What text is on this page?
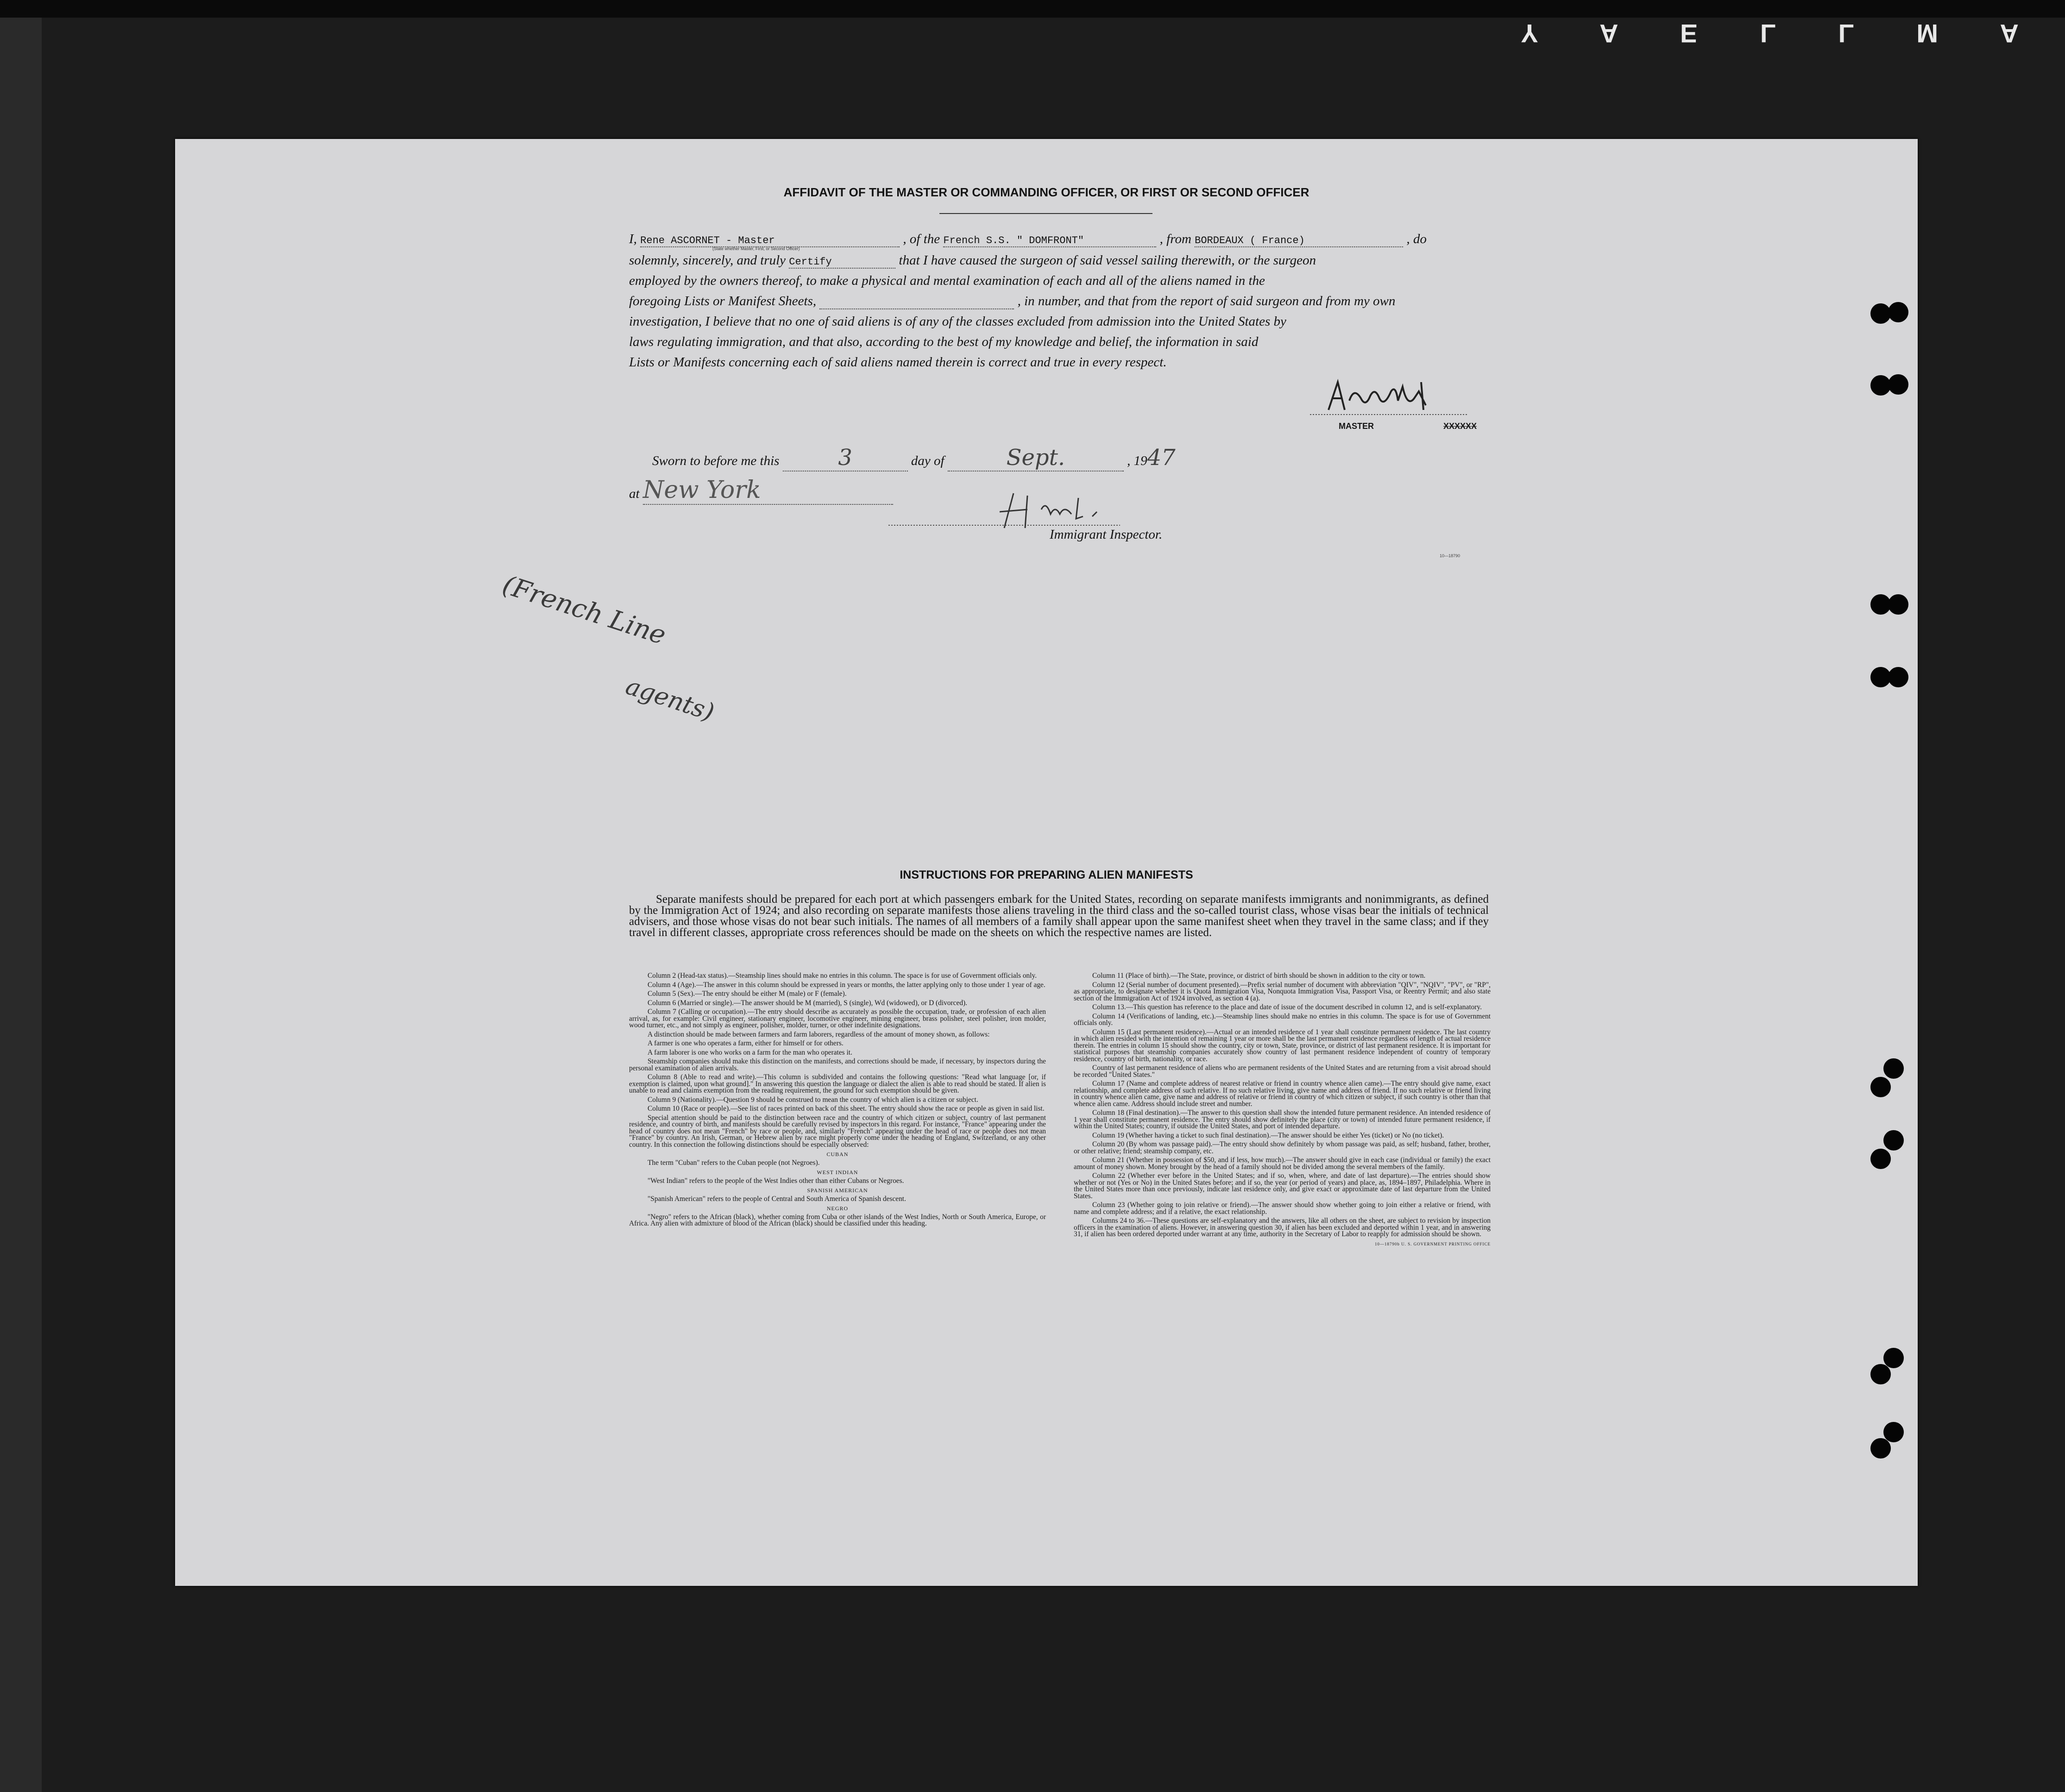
Y A E L L M A
AFFIDAVIT OF THE MASTER OR COMMANDING OFFICER, OR FIRST OR SECOND OFFICER
I, Rene ASCORNET - Master	, of the French S.S. " DOMFRONT"	, from BORDEAUX ( France)	, do
(State whether Master, First, or Second Officer)
solemnly, sincerely, and truly Certify	that I have caused the surgeon of said vessel sailing therewith, or the surgeon
employed by the owners thereof, to make a physical and mental examination of each and all of the aliens named in the
foregoing Lists or Manifest Sheets,	, in number, and that from the report of said surgeon and from my own
investigation, I believe that no one of said aliens is of any of the classes excluded from admission into the United States by
laws regulating immigration, and that also, according to the best of my knowledge and belief, the information in said
Lists or Manifests concerning each of said aliens named therein is correct and true in every respect.
MASTER	XXXXXX
Sworn to before me this	3	day of	Sept.	, 1947
at New York
Immigrant Inspector.
10—18790
(French Line
agents)
INSTRUCTIONS FOR PREPARING ALIEN MANIFESTS
Separate manifests should be prepared for each port at which passengers embark for the United States, recording on separate manifests immigrants and nonimmigrants, as defined by the Immigration Act of 1924; and also recording on separate manifests those aliens traveling in the third class and the so-called tourist class, whose visas bear the initials of technical advisers, and those whose visas do not bear such initials. The names of all members of a family shall appear upon the same manifest sheet when they travel in the same class; and if they travel in different classes, appropriate cross references should be made on the sheets on which the respective names are listed.

Column 2 (Head-tax status).—Steamship lines should make no entries in this column. The space is for use of Government officials only.

Column 4 (Age).—The answer in this column should be expressed in years or months, the latter applying only to those under 1 year of age.

Column 5 (Sex).—The entry should be either M (male) or F (female).

Column 6 (Married or single).—The answer should be M (married), S (single), Wd (widowed), or D (divorced).

Column 7 (Calling or occupation).—The entry should describe as accurately as possible the occupation, trade, or profession of each alien arrival, as, for example: Civil engineer, stationary engineer, locomotive engineer, mining engineer, brass polisher, steel polisher, iron molder, wood turner, etc., and not simply as engineer, polisher, molder, turner, or other indefinite designations.

A distinction should be made between farmers and farm laborers, regardless of the amount of money shown, as follows:

A farmer is one who operates a farm, either for himself or for others.

A farm laborer is one who works on a farm for the man who operates it.

Steamship companies should make this distinction on the manifests, and corrections should be made, if necessary, by inspectors during the personal examination of alien arrivals.

Column 8 (Able to read and write).—This column is subdivided and contains the following questions: "Read what language [or, if exemption is claimed, upon what ground]." In answering this question the language or dialect the alien is able to read should be stated. If alien is unable to read and claims exemption from the reading requirement, the ground for such exemption should be given.

Column 9 (Nationality).—Question 9 should be construed to mean the country of which alien is a citizen or subject.

Column 10 (Race or people).—See list of races printed on back of this sheet. The entry should show the race or people as given in said list.

Special attention should be paid to the distinction between race and the country of which citizen or subject, country of last permanent residence, and country of birth, and manifests should be carefully revised by inspectors in this regard. For instance, "France" appearing under the head of country does not mean "French" by race or people, and, similarly "French" appearing under the head of race or people does not mean "France" by country. An Irish, German, or Hebrew alien by race might properly come under the heading of England, Switzerland, or any other country. In this connection the following distinctions should be especially observed:

CUBAN

The term "Cuban" refers to the Cuban people (not Negroes).

WEST INDIAN

"West Indian" refers to the people of the West Indies other than either Cubans or Negroes.

SPANISH AMERICAN

"Spanish American" refers to the people of Central and South America of Spanish descent.

NEGRO

"Negro" refers to the African (black), whether coming from Cuba or other islands of the West Indies, North or South America, Europe, or Africa. Any alien with admixture of blood of the African (black) should be classified under this heading.

Column 11 (Place of birth).—The State, province, or district of birth should be shown in addition to the city or town.

Column 12 (Serial number of document presented).—Prefix serial number of document with abbreviation "QIV", "NQIV", "PV", or "RP", as appropriate, to designate whether it is Quota Immigration Visa, Nonquota Immigration Visa, Passport Visa, or Reentry Permit; and also state section of the Immigration Act of 1924 involved, as section 4 (a).

Column 13.—This question has reference to the place and date of issue of the document described in column 12, and is self-explanatory.

Column 14 (Verifications of landing, etc.).—Steamship lines should make no entries in this column. The space is for use of Government officials only.

Column 15 (Last permanent residence).—Actual or an intended residence of 1 year shall constitute permanent residence. The last country in which alien resided with the intention of remaining 1 year or more shall be the last permanent residence regardless of length of actual residence therein. The entries in column 15 should show the country, city or town, State, province, or district of last permanent residence. It is important for statistical purposes that steamship companies accurately show country of last permanent residence independent of country of temporary residence, country of birth, nationality, or race.

Country of last permanent residence of aliens who are permanent residents of the United States and are returning from a visit abroad should be recorded "United States."

Column 17 (Name and complete address of nearest relative or friend in country whence alien came).—The entry should give name, exact relationship, and complete address of such relative. If no such relative living, give name and address of friend. If no such relative or friend living in country whence alien came, give name and address of relative or friend in country of which citizen or subject, if such country is other than that whence alien came. Address should include street and number.

Column 18 (Final destination).—The answer to this question shall show the intended future permanent residence. An intended residence of 1 year shall constitute permanent residence. The entry should show definitely the place (city or town) of intended future permanent residence, if within the United States; country, if outside the United States, and port of intended departure.

Column 19 (Whether having a ticket to such final destination).—The answer should be either Yes (ticket) or No (no ticket).

Column 20 (By whom was passage paid).—The entry should show definitely by whom passage was paid, as self; husband, father, brother, or other relative; friend; steamship company, etc.

Column 21 (Whether in possession of $50, and if less, how much).—The answer should give in each case (individual or family) the exact amount of money shown. Money brought by the head of a family should not be divided among the several members of the family.

Column 22 (Whether ever before in the United States; and if so, when, where, and date of last departure).—The entries should show whether or not (Yes or No) in the United States before; and if so, the year (or period of years) and place, as, 1894–1897, Philadelphia. Where in the United States more than once previously, indicate last residence only, and give exact or approximate date of last departure from the United States.

Column 23 (Whether going to join relative or friend).—The answer should show whether going to join either a relative or friend, with name and complete address; and if a relative, the exact relationship.

Columns 24 to 36.—These questions are self-explanatory and the answers, like all others on the sheet, are subject to revision by inspection officers in the examination of aliens. However, in answering question 30, if alien has been excluded and deported within 1 year, and in answering 31, if alien has been ordered deported under warrant at any time, authority in the Secretary of Labor to reapply for admission should be shown.

10—18790b U. S. GOVERNMENT PRINTING OFFICE
